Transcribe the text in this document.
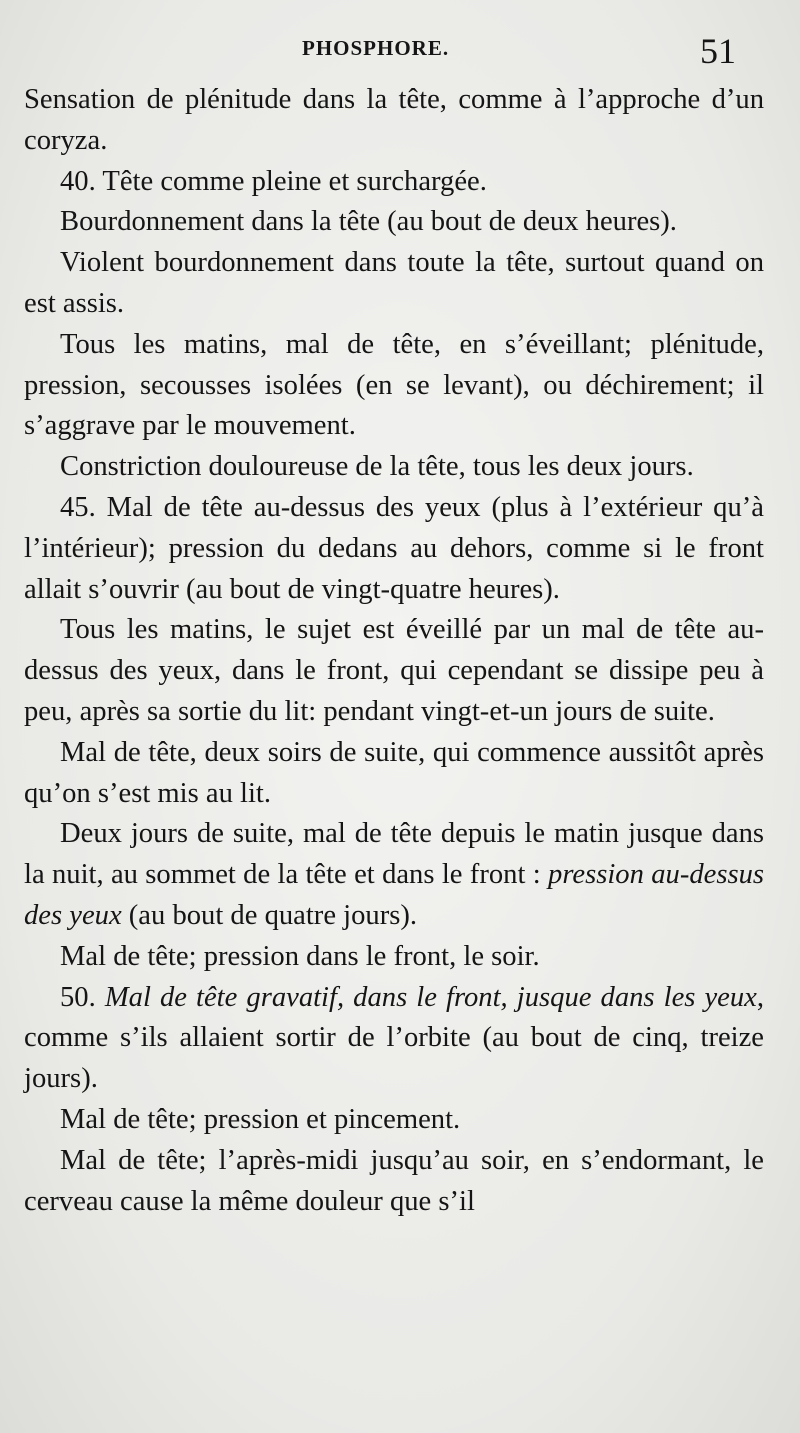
PHOSPHORE.	51

Sensation de plénitude dans la tête, comme à l’approche d’un coryza.

40. Tête comme pleine et surchargée.

Bourdonnement dans la tête (au bout de deux heures).

Violent bourdonnement dans toute la tête, surtout quand on est assis.

Tous les matins, mal de tête, en s’éveillant; plénitude, pression, secousses isolées (en se levant), ou déchirement; il s’aggrave par le mouvement.

Constriction douloureuse de la tête, tous les deux jours.

45. Mal de tête au-dessus des yeux (plus à l’extérieur qu’à l’intérieur); pression du dedans au dehors, comme si le front allait s’ouvrir (au bout de vingt-quatre heures).

Tous les matins, le sujet est éveillé par un mal de tête au-dessus des yeux, dans le front, qui cependant se dissipe peu à peu, après sa sortie du lit: pendant vingt-et-un jours de suite.

Mal de tête, deux soirs de suite, qui commence aussitôt après qu’on s’est mis au lit.

Deux jours de suite, mal de tête depuis le matin jusque dans la nuit, au sommet de la tête et dans le front : pression au-dessus des yeux (au bout de quatre jours).

Mal de tête; pression dans le front, le soir.

50. Mal de tête gravatif, dans le front, jusque dans les yeux, comme s’ils allaient sortir de l’orbite (au bout de cinq, treize jours).

Mal de tête; pression et pincement.

Mal de tête; l’après-midi jusqu’au soir, en s’endormant, le cerveau cause la même douleur que s’il
